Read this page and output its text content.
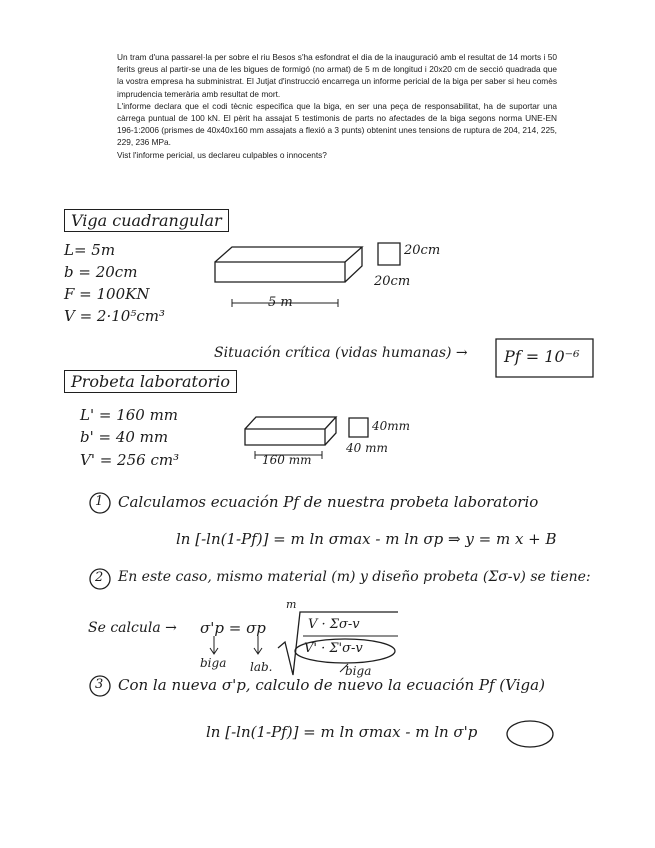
Un tram d'una passarel·la per sobre el riu Besos s'ha esfondrat el dia de la inauguració amb el resultat de 14 morts i 50 ferits greus al partir-se una de les bigues de formigó (no armat) de 5 m de longitud i 20x20 cm de secció quadrada que la vostra empresa ha subministrat. El Jutjat d'instrucció encarrega un informe pericial de la biga per saber si heu comès imprudencia temerària amb resultat de mort.

L'informe declara que el codi tècnic especifica que la biga, en ser una peça de responsabilitat, ha de suportar una càrrega puntual de 100 kN. El pèrit ha assajat 5 testimonis de parts no afectades de la biga segons norma UNE-EN 196-1:2006 (prismes de 40x40x160 mm assajats a flexió a 3 punts) obtenint unes tensions de ruptura de 204, 214, 225, 229, 236 MPa.

Vist l'informe pericial, us declareu culpables o innocents?

Viga cuadrangular
L= 5m
b = 20cm
F = 100KN
V = 2·10⁵cm³
5 m
20cm
20cm
Situación crítica (vidas humanas) → Pf = 10⁻⁶
Probeta laboratorio
L' = 160 mm
b' = 40 mm
V' = 256 cm³	160 mm
40mm
40 mm
1 Calculamos ecuación Pf de nuestra probeta laboratorio
ln [-ln(1-Pf)] = m ln σmax - m ln σp ⇒ y = m x + B
2 En este caso, mismo material (m) y diseño probeta (Σσ-v) se tiene:
Se calcula → σ'p = σp
m
V · Σσ-v
V' · Σ'σ-v
biga lab.	biga
3 Con la nueva σ'p, calculo de nuevo la ecuación Pf (Viga)
ln [-ln(1-Pf)] = m ln σmax - m ln σ'p
